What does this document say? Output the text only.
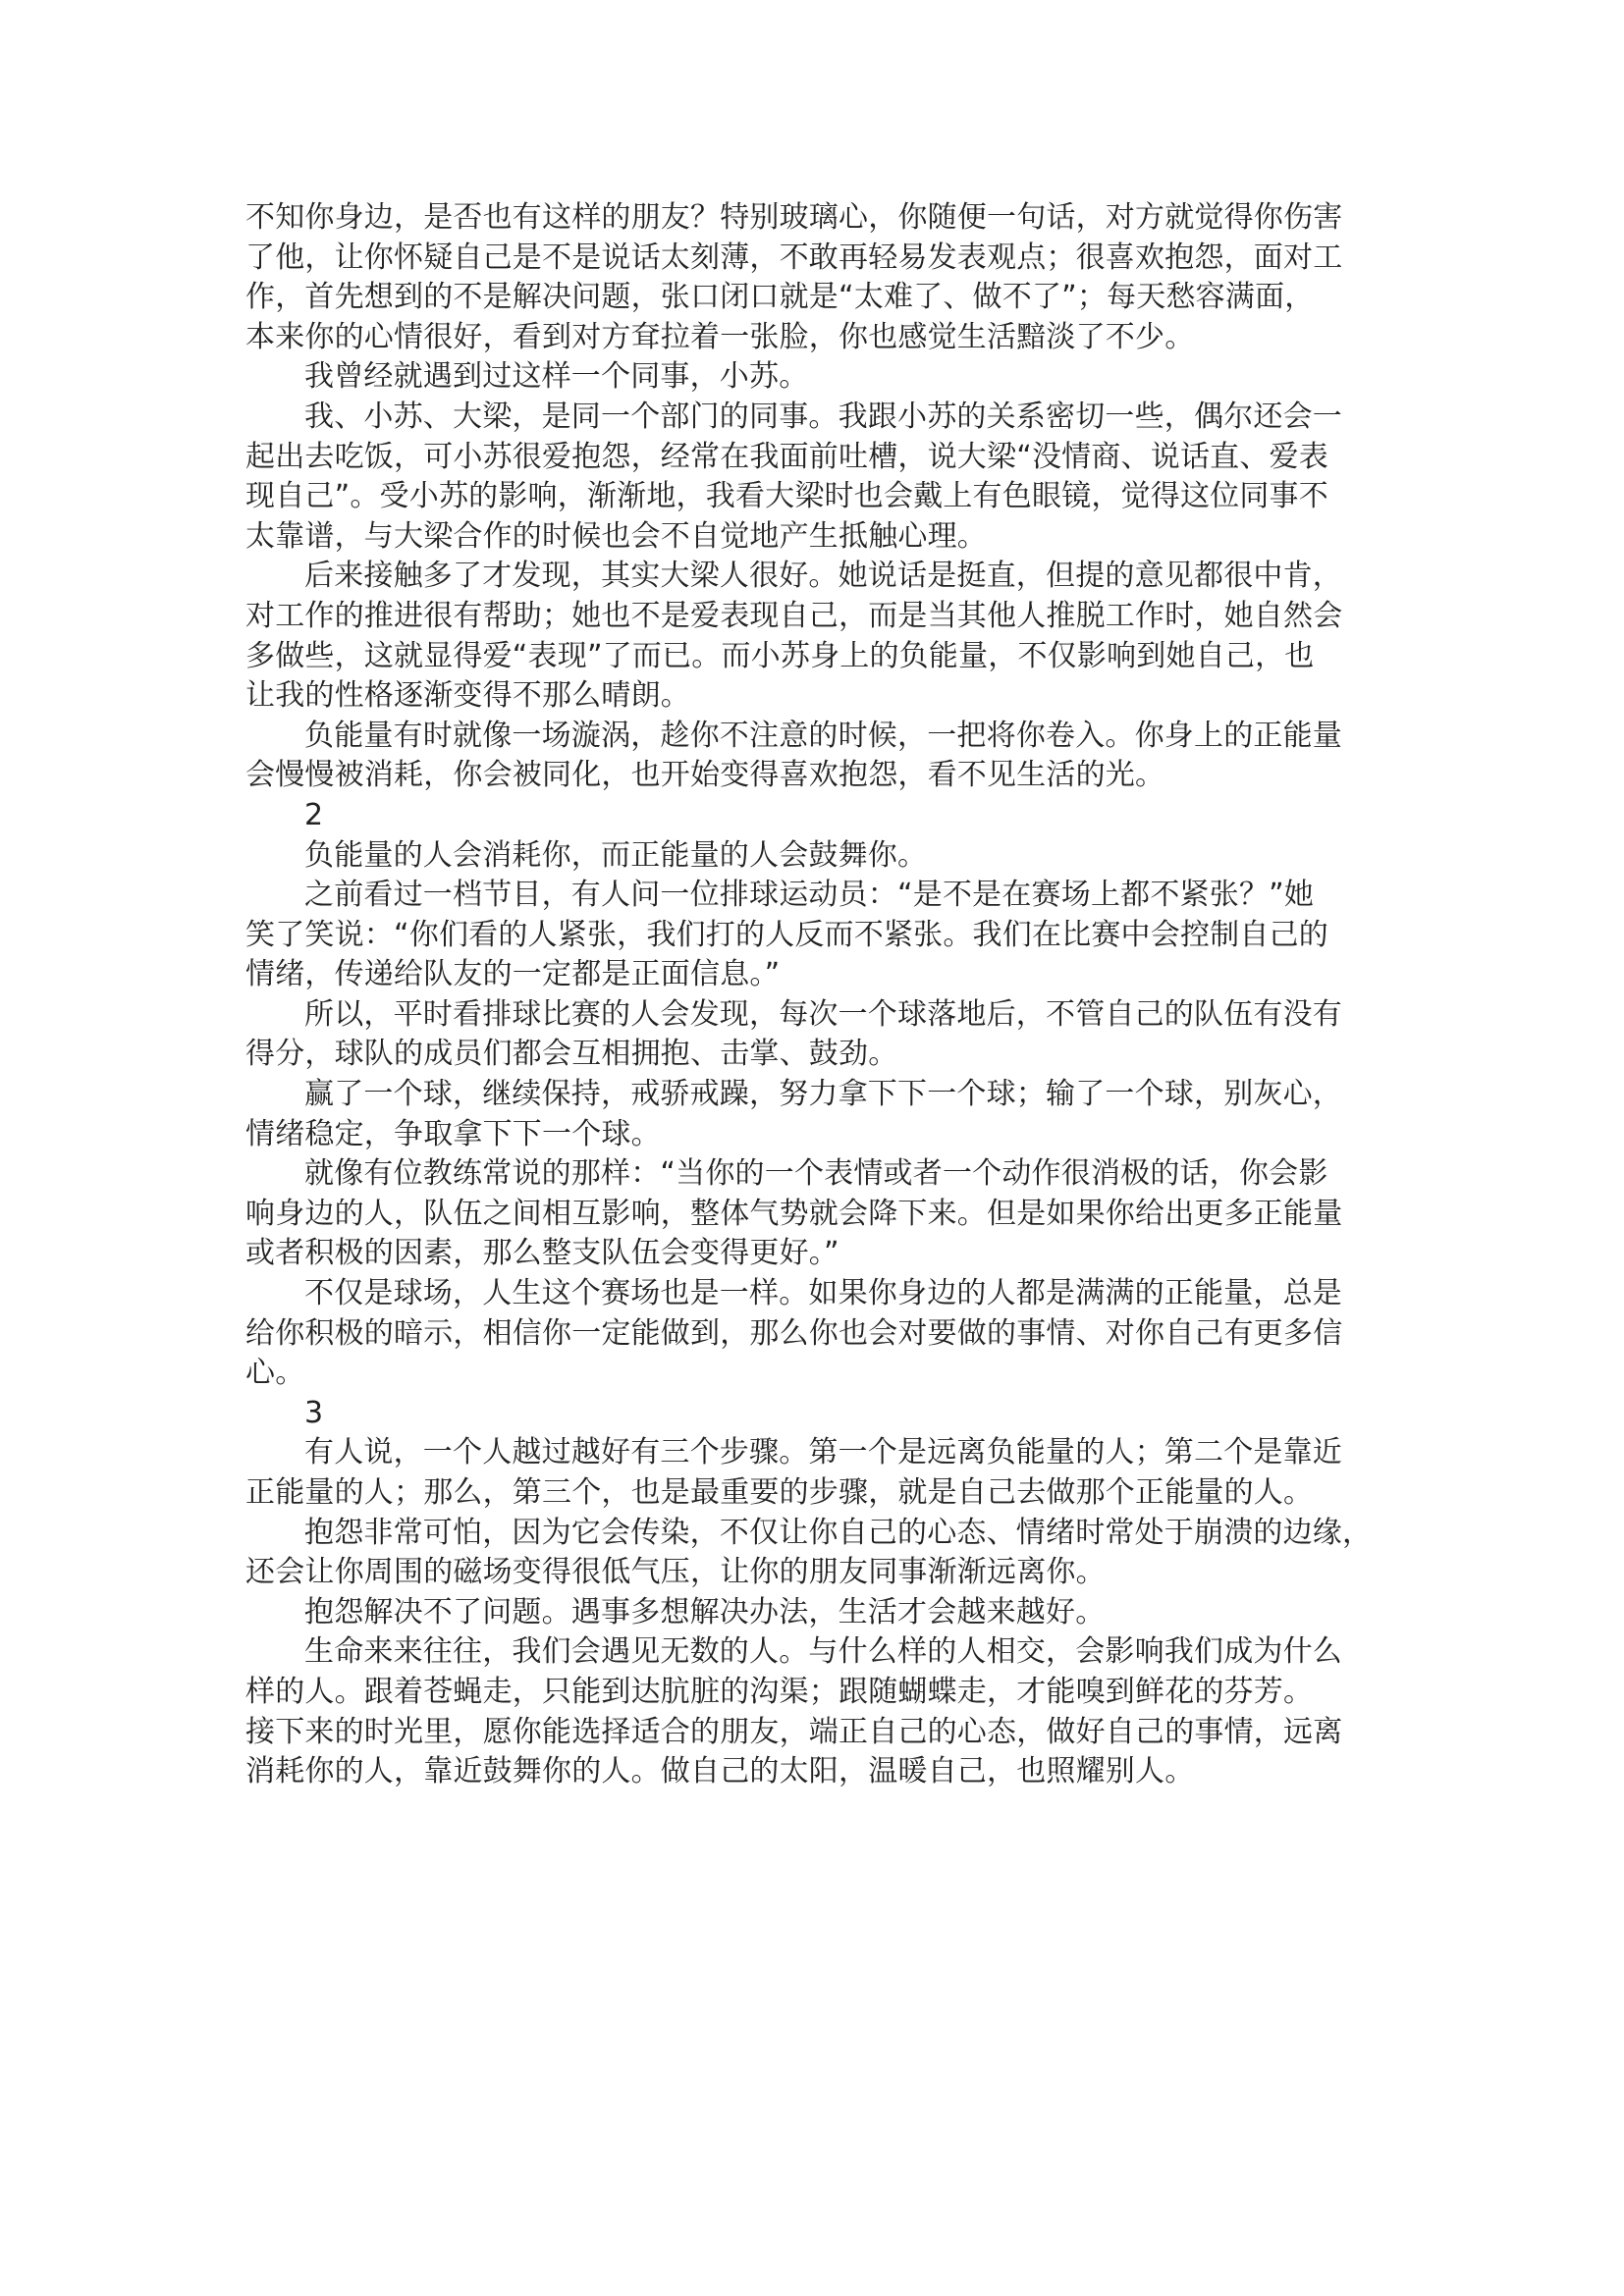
不知你身边，是否也有这样的朋友？特别玻璃心，你随便一句话，对方就觉得你伤害
了他，让你怀疑自己是不是说话太刻薄，不敢再轻易发表观点；很喜欢抱怨，面对工
作，首先想到的不是解决问题，张口闭口就是“太难了、做不了”；每天愁容满面，
本来你的心情很好，看到对方耷拉着一张脸，你也感觉生活黯淡了不少。
我曾经就遇到过这样一个同事，小苏。
我、小苏、大梁，是同一个部门的同事。我跟小苏的关系密切一些，偶尔还会一
起出去吃饭，可小苏很爱抱怨，经常在我面前吐槽，说大梁“没情商、说话直、爱表
现自己”。受小苏的影响，渐渐地，我看大梁时也会戴上有色眼镜，觉得这位同事不
太靠谱，与大梁合作的时候也会不自觉地产生抵触心理。
后来接触多了才发现，其实大梁人很好。她说话是挺直，但提的意见都很中肯，
对工作的推进很有帮助；她也不是爱表现自己，而是当其他人推脱工作时，她自然会
多做些，这就显得爱“表现”了而已。而小苏身上的负能量，不仅影响到她自己，也
让我的性格逐渐变得不那么晴朗。
负能量有时就像一场漩涡，趁你不注意的时候，一把将你卷入。你身上的正能量
会慢慢被消耗，你会被同化，也开始变得喜欢抱怨，看不见生活的光。
2
负能量的人会消耗你，而正能量的人会鼓舞你。
之前看过一档节目，有人问一位排球运动员：“是不是在赛场上都不紧张？”她
笑了笑说：“你们看的人紧张，我们打的人反而不紧张。我们在比赛中会控制自己的
情绪，传递给队友的一定都是正面信息。”
所以，平时看排球比赛的人会发现，每次一个球落地后，不管自己的队伍有没有
得分，球队的成员们都会互相拥抱、击掌、鼓劲。
赢了一个球，继续保持，戒骄戒躁，努力拿下下一个球；输了一个球，别灰心，
情绪稳定，争取拿下下一个球。
就像有位教练常说的那样：“当你的一个表情或者一个动作很消极的话，你会影
响身边的人，队伍之间相互影响，整体气势就会降下来。但是如果你给出更多正能量
或者积极的因素，那么整支队伍会变得更好。”
不仅是球场，人生这个赛场也是一样。如果你身边的人都是满满的正能量，总是
给你积极的暗示，相信你一定能做到，那么你也会对要做的事情、对你自己有更多信
心。
3
有人说，一个人越过越好有三个步骤。第一个是远离负能量的人；第二个是靠近
正能量的人；那么，第三个，也是最重要的步骤，就是自己去做那个正能量的人。
抱怨非常可怕，因为它会传染，不仅让你自己的心态、情绪时常处于崩溃的边缘，
还会让你周围的磁场变得很低气压，让你的朋友同事渐渐远离你。
抱怨解决不了问题。遇事多想解决办法，生活才会越来越好。
生命来来往往，我们会遇见无数的人。与什么样的人相交，会影响我们成为什么
样的人。跟着苍蝇走，只能到达肮脏的沟渠；跟随蝴蝶走，才能嗅到鲜花的芬芳。
接下来的时光里，愿你能选择适合的朋友，端正自己的心态，做好自己的事情，远离
消耗你的人，靠近鼓舞你的人。做自己的太阳，温暖自己，也照耀别人。
